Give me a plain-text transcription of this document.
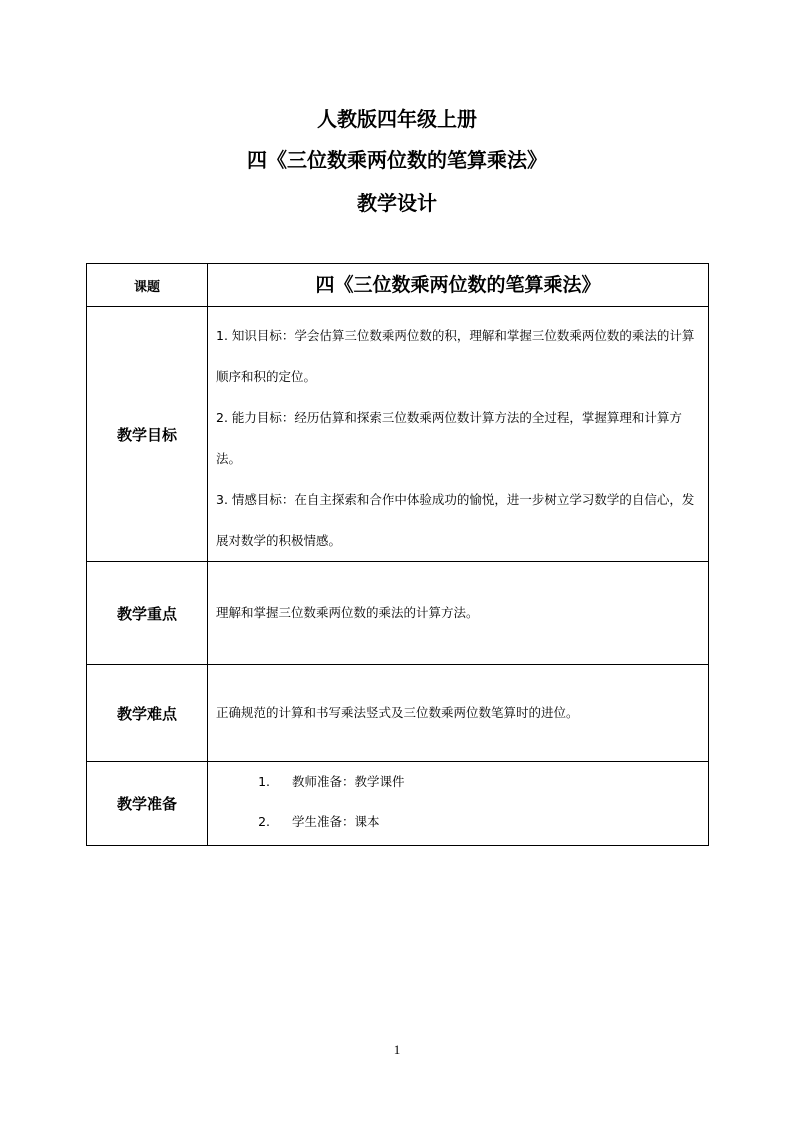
人教版四年级上册
四《三位数乘两位数的笔算乘法》
教学设计
课题	四《三位数乘两位数的笔算乘法》

教学目标	1. 知识目标：学会估算三位数乘两位数的积，理解和掌握三位数乘两位数的乘法的计算顺序和积的定位。

2. 能力目标：经历估算和探索三位数乘两位数计算方法的全过程，掌握算理和计算方法。

3. 情感目标：在自主探索和合作中体验成功的愉悦，进一步树立学习数学的自信心，发展对数学的积极情感。

教学重点	理解和掌握三位数乘两位数的乘法的计算方法。

教学难点	正确规范的计算和书写乘法竖式及三位数乘两位数笔算时的进位。

教学准备	1. 教师准备：教学课件
2. 学生准备：课本
1
